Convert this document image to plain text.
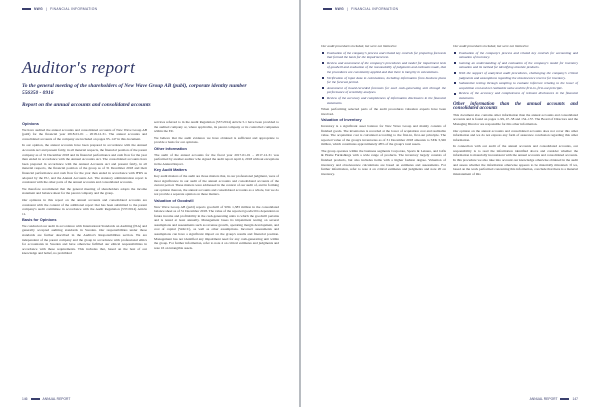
NWG | FINANCIAL INFORMATION
Auditor's report
To the general meeting of the shareholders of New Wave Group AB (publ), corporate identity number 556350 - 0916
Report on the annual accounts and consolidated accounts
Opinions

We have audited the annual accounts and consolidated accounts of New Wave Group AB (publ) for the financial year 2018-01-01 – 2018-12-31. The annual accounts and consolidated accounts of the company are included on pages 95–147 in this document.

In our opinion, the annual accounts have been prepared in accordance with the Annual Accounts Act and present fairly, in all material respects, the financial position of the parent company as of 31 December 2018 and its financial performance and cash flow for the year then ended in accordance with the Annual Accounts Act. The consolidated accounts have been prepared in accordance with the Annual Accounts Act and present fairly, in all material respects, the financial position of the group as of 31 December 2018 and their financial performance and cash flow for the year then ended in accordance with IFRS as adopted by the EU, and the Annual Accounts Act. The statutory administration report is consistent with the other parts of the annual accounts and consolidated accounts.

We therefore recommend that the general meeting of shareholders adopts the income statement and balance sheet for the parent company and the group.

Our opinions in this report on the annual accounts and consolidated accounts are consistent with the content of the additional report that has been submitted to the parent company's audit committee in accordance with the Audit Regulation (537/2014) Article 11.

Basis for Opinions

We conducted our audit in accordance with International Standards on Auditing (ISA) and generally accepted auditing standards in Sweden. Our responsibilities under those standards are further described in the Auditor's Responsibilities section. We are independent of the parent company and the group in accordance with professional ethics for accountants in Sweden and have otherwise fulfilled our ethical responsibilities in accordance with these requirements. This includes that, based on the best of our knowledge and belief, no prohibited

services referred to in the Audit Regulation (537/2014) Article 5.1 have been provided to the audited company or, where applicable, its parent company or its controlled companies within the EU.

We believe that the audit evidence we have obtained is sufficient and appropriate to provide a basis for our opinions.

Other information

The audit of the annual accounts for the fiscal year 2017-01-01 – 2017-12-31 was performed by another auditor who signed the audit report April 4, 2018 without exceptions in the Annual Report.

Key Audit Matters

Key audit matters of the audit are those matters that, in our professional judgment, were of most significance in our audit of the annual accounts and consolidated accounts of the current period. These matters were addressed in the context of our audit of, and in forming our opinion thereon, the annual accounts and consolidated accounts as a whole, but we do not provide a separate opinion on these matters.

Valuation of Goodwill

New Wave Group AB (publ) reports goodwill of SEK 1,383 million in the consolidated balance sheet as of 31 December 2018. The value of the reported goodwill is dependent on future income and profitability in the cash-generating units to which the goodwill pertains and is tested at least annually. Management bases its impairment testing on several assumptions and assessments such as revenue growth, operating margin development, and cost of capital (WACC), as well as other assumptions. Incorrect assessments and assumptions can have a significant impact on the group's results and financial position. Management has not identified any impairment need for any cash-generating unit within the group. For further information, refer to note 4 on critical estimates and judgments and note 16 on intangible assets.

146	ANNUAL REPORT
NWG | FINANCIAL INFORMATION

Our audit procedures included, but were not limited to:

Evaluation of the company's process and related key controls for preparing forecasts that formed the basis for the impairment test.
Review and assessment of the company's procedures and model for impairment tests of goodwill and evaluation of the reasonability of judgments and estimates made, that the procedures are consistently applied and that there is integrity in calculations.
Verification of input data in calculations, including information from business plans for the forecast period.
Assessment of board-recorded forecasts for each cash-generating unit through the performance of sensitivity analyses.
Review of the accuracy and completeness of information disclosures in the financial statements.

When performing selected parts of the audit procedures valuation experts have been involved.

Valuation of Inventory

Inventory is a significant asset balance for New Wave Group and mainly consists of finished goods. The inventories is recorded at the lower of acquisition cost and realizable value. The acquisition cost is calculated according to the first-in, first-out principle. The reported value of the group's inventories as of 31 December 2018 amounts to SEK 3,326 million, which constitutes approximately 48% of the group's total assets.

The group operates within the business segments Corporate, Sports & Leisure, and Gifts & Home Furnishings with a wide range of products. The inventory largely consists of finished products, but also includes items with a higher fashion degree. Valuation of inventory and obsolescence calculations are based on estimates and assessments. For further information, refer to note 4 on critical estimates and judgments and note 20 on inventory.

Our audit procedures included, but were not limited to:

Evaluation of the company's process and related key controls for accounting and valuation of inventory.
Gaining an understanding of and evaluation of the company's model for inventory valuation and its method for identifying obsolete products.
With the support of analytical audit procedures, challenging the company's critical judgments and assumptions regarding the obsolescence reserve for inventory.
Substantive testing through sampling to evaluate inference relating to the lower of acquisition cost and net realizable value and the first-in, first-out principle.
Review of the accuracy and completeness of relevant disclosures in the financial statements.
Other information than the annual accounts and consolidated accounts

This document also contains other information than the annual accounts and consolidated accounts and is found on pages 1–99, 47–58 and 154–157. The Board of Directors and the Managing Director are responsible for this other information.

Our opinion on the annual accounts and consolidated accounts does not cover this other information and we do not express any form of assurance conclusion regarding this other information.

In connection with our audit of the annual accounts and consolidated accounts, our responsibility is to read the information identified above and consider whether the information is materially inconsistent with the annual accounts and consolidated accounts. In this procedure we also take into account our knowledge otherwise obtained in the audit and assess whether the information otherwise appears to be materially misstated. If we, based on the work performed concerning this information, conclude that there is a material misstatement of this

ANNUAL REPORT	147
